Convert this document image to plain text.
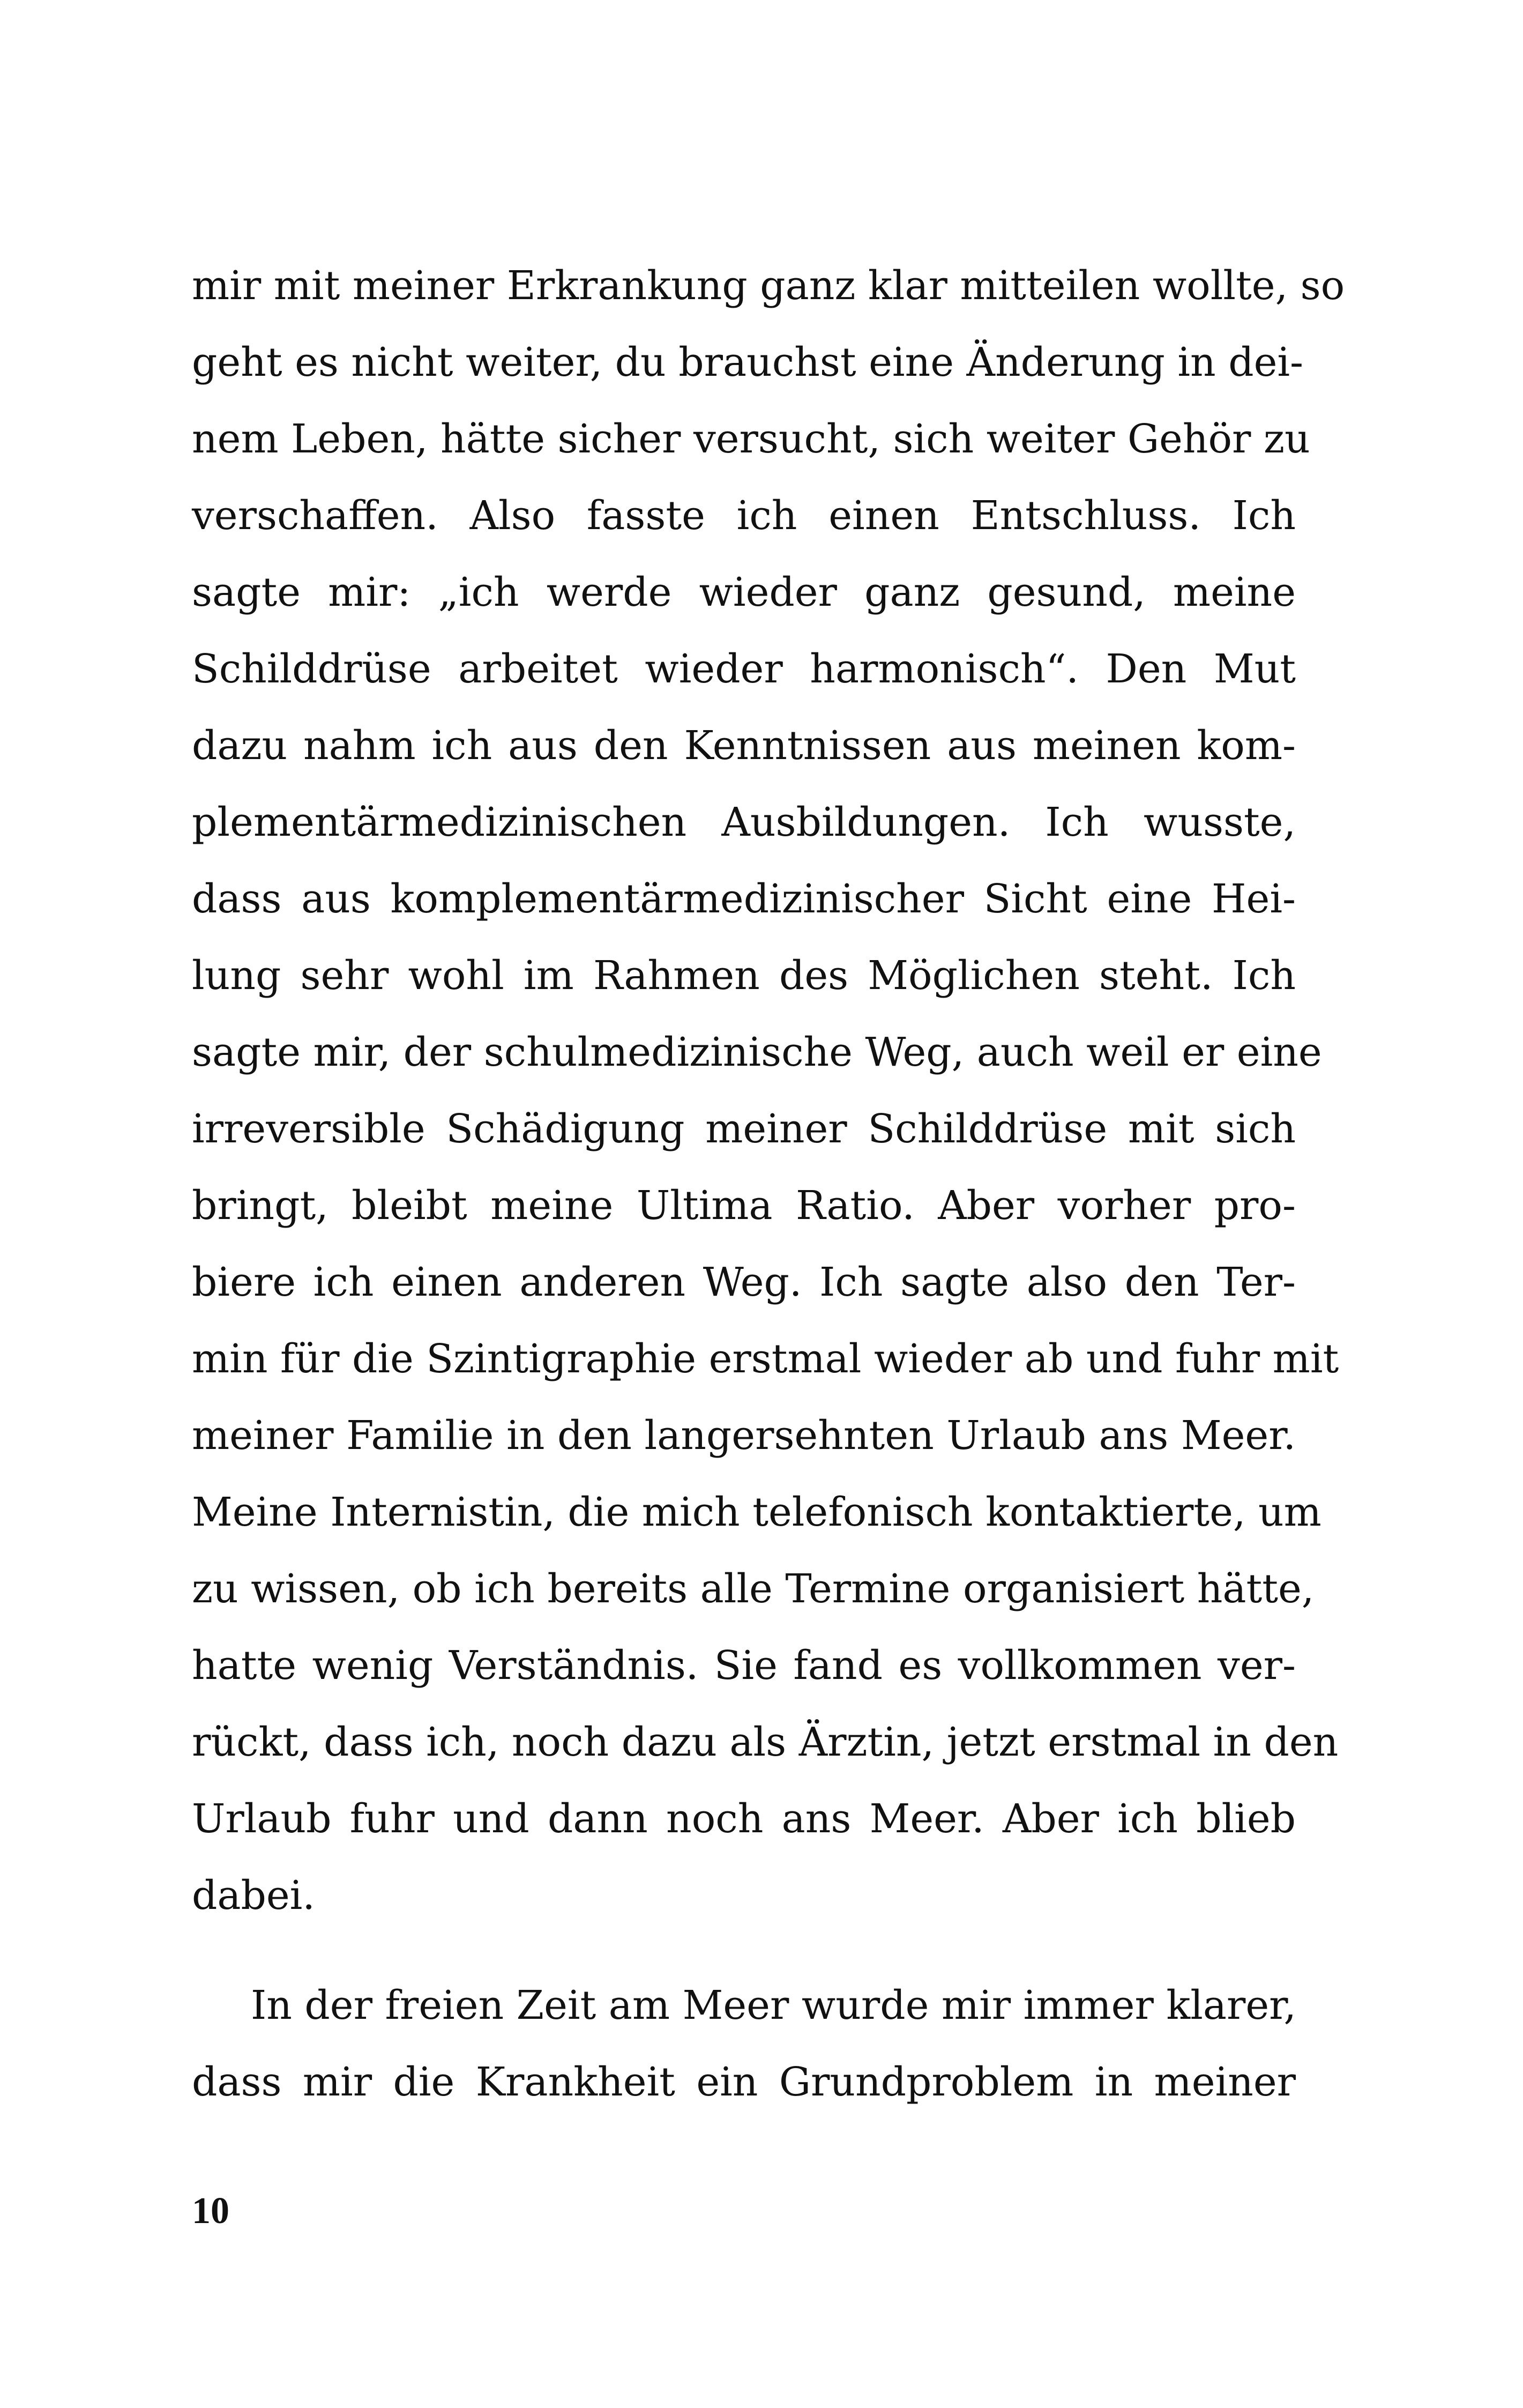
mir mit meiner Erkrankung ganz klar mitteilen wollte, so
geht es nicht weiter, du brauchst eine Änderung in dei-
nem Leben, hätte sicher versucht, sich weiter Gehör zu
verschaffen. Also fasste ich einen Entschluss. Ich
sagte mir: „ich werde wieder ganz gesund, meine
Schilddrüse arbeitet wieder harmonisch“. Den Mut
dazu nahm ich aus den Kenntnissen aus meinen kom-
plementärmedizinischen Ausbildungen. Ich wusste,
dass aus komplementärmedizinischer Sicht eine Hei-
lung sehr wohl im Rahmen des Möglichen steht. Ich
sagte mir, der schulmedizinische Weg, auch weil er eine
irreversible Schädigung meiner Schilddrüse mit sich
bringt, bleibt meine Ultima Ratio. Aber vorher pro-
biere ich einen anderen Weg. Ich sagte also den Ter-
min für die Szintigraphie erstmal wieder ab und fuhr mit
meiner Familie in den langersehnten Urlaub ans Meer.
Meine Internistin, die mich telefonisch kontaktierte, um
zu wissen, ob ich bereits alle Termine organisiert hätte,
hatte wenig Verständnis. Sie fand es vollkommen ver-
rückt, dass ich, noch dazu als Ärztin, jetzt erstmal in den
Urlaub fuhr und dann noch ans Meer. Aber ich blieb
dabei.
In der freien Zeit am Meer wurde mir immer klarer,
dass mir die Krankheit ein Grundproblem in meiner
10
